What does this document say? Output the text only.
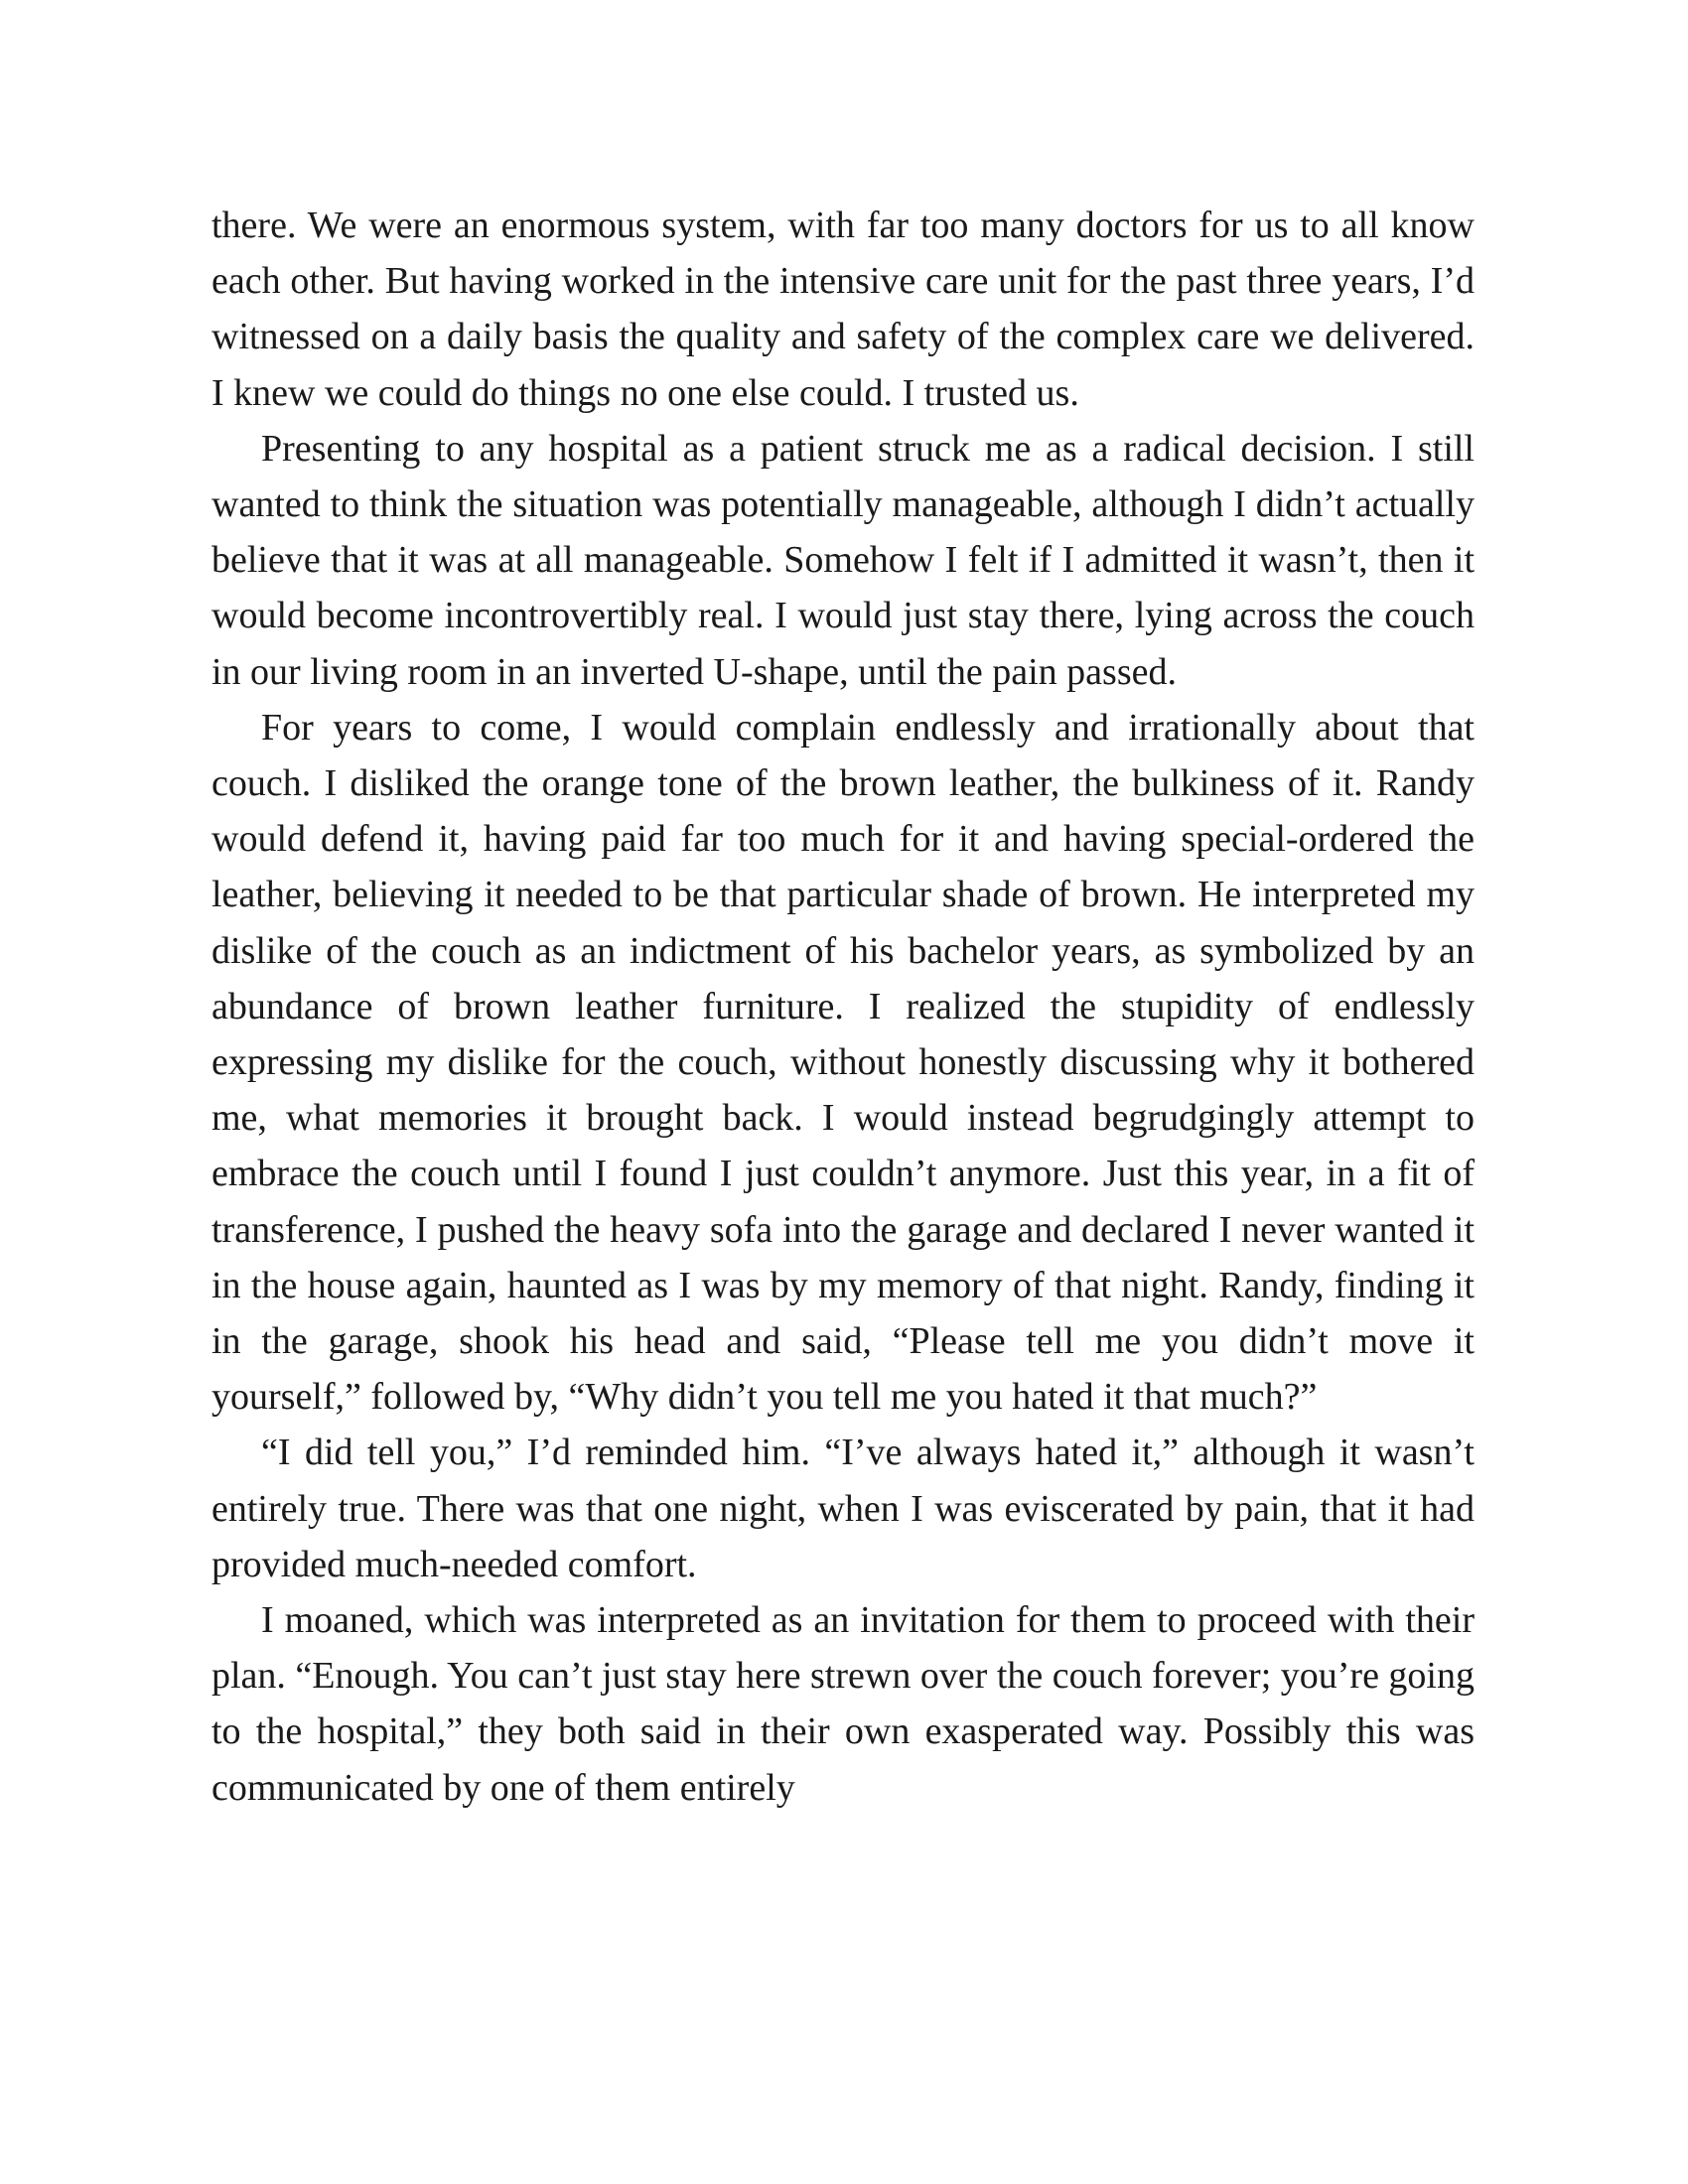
there. We were an enormous system, with far too many doctors for us to all know each other. But having worked in the intensive care unit for the past three years, I’d witnessed on a daily basis the quality and safety of the complex care we delivered. I knew we could do things no one else could. I trusted us.

Presenting to any hospital as a patient struck me as a radical decision. I still wanted to think the situation was potentially manageable, although I didn’t actually believe that it was at all manageable. Somehow I felt if I admitted it wasn’t, then it would become incontrovertibly real. I would just stay there, lying across the couch in our living room in an inverted U-shape, until the pain passed.

For years to come, I would complain endlessly and irrationally about that couch. I disliked the orange tone of the brown leather, the bulkiness of it. Randy would defend it, having paid far too much for it and having special-ordered the leather, believing it needed to be that particular shade of brown. He interpreted my dislike of the couch as an indictment of his bachelor years, as symbolized by an abundance of brown leather furniture. I realized the stupidity of endlessly expressing my dislike for the couch, without honestly discussing why it bothered me, what memories it brought back. I would instead begrudgingly attempt to embrace the couch until I found I just couldn’t anymore. Just this year, in a fit of transference, I pushed the heavy sofa into the garage and declared I never wanted it in the house again, haunted as I was by my memory of that night. Randy, finding it in the garage, shook his head and said, “Please tell me you didn’t move it yourself,” followed by, “Why didn’t you tell me you hated it that much?”

“I did tell you,” I’d reminded him. “I’ve always hated it,” although it wasn’t entirely true. There was that one night, when I was eviscerated by pain, that it had provided much-needed comfort.

I moaned, which was interpreted as an invitation for them to proceed with their plan. “Enough. You can’t just stay here strewn over the couch forever; you’re going to the hospital,” they both said in their own exasperated way. Possibly this was communicated by one of them entirely
